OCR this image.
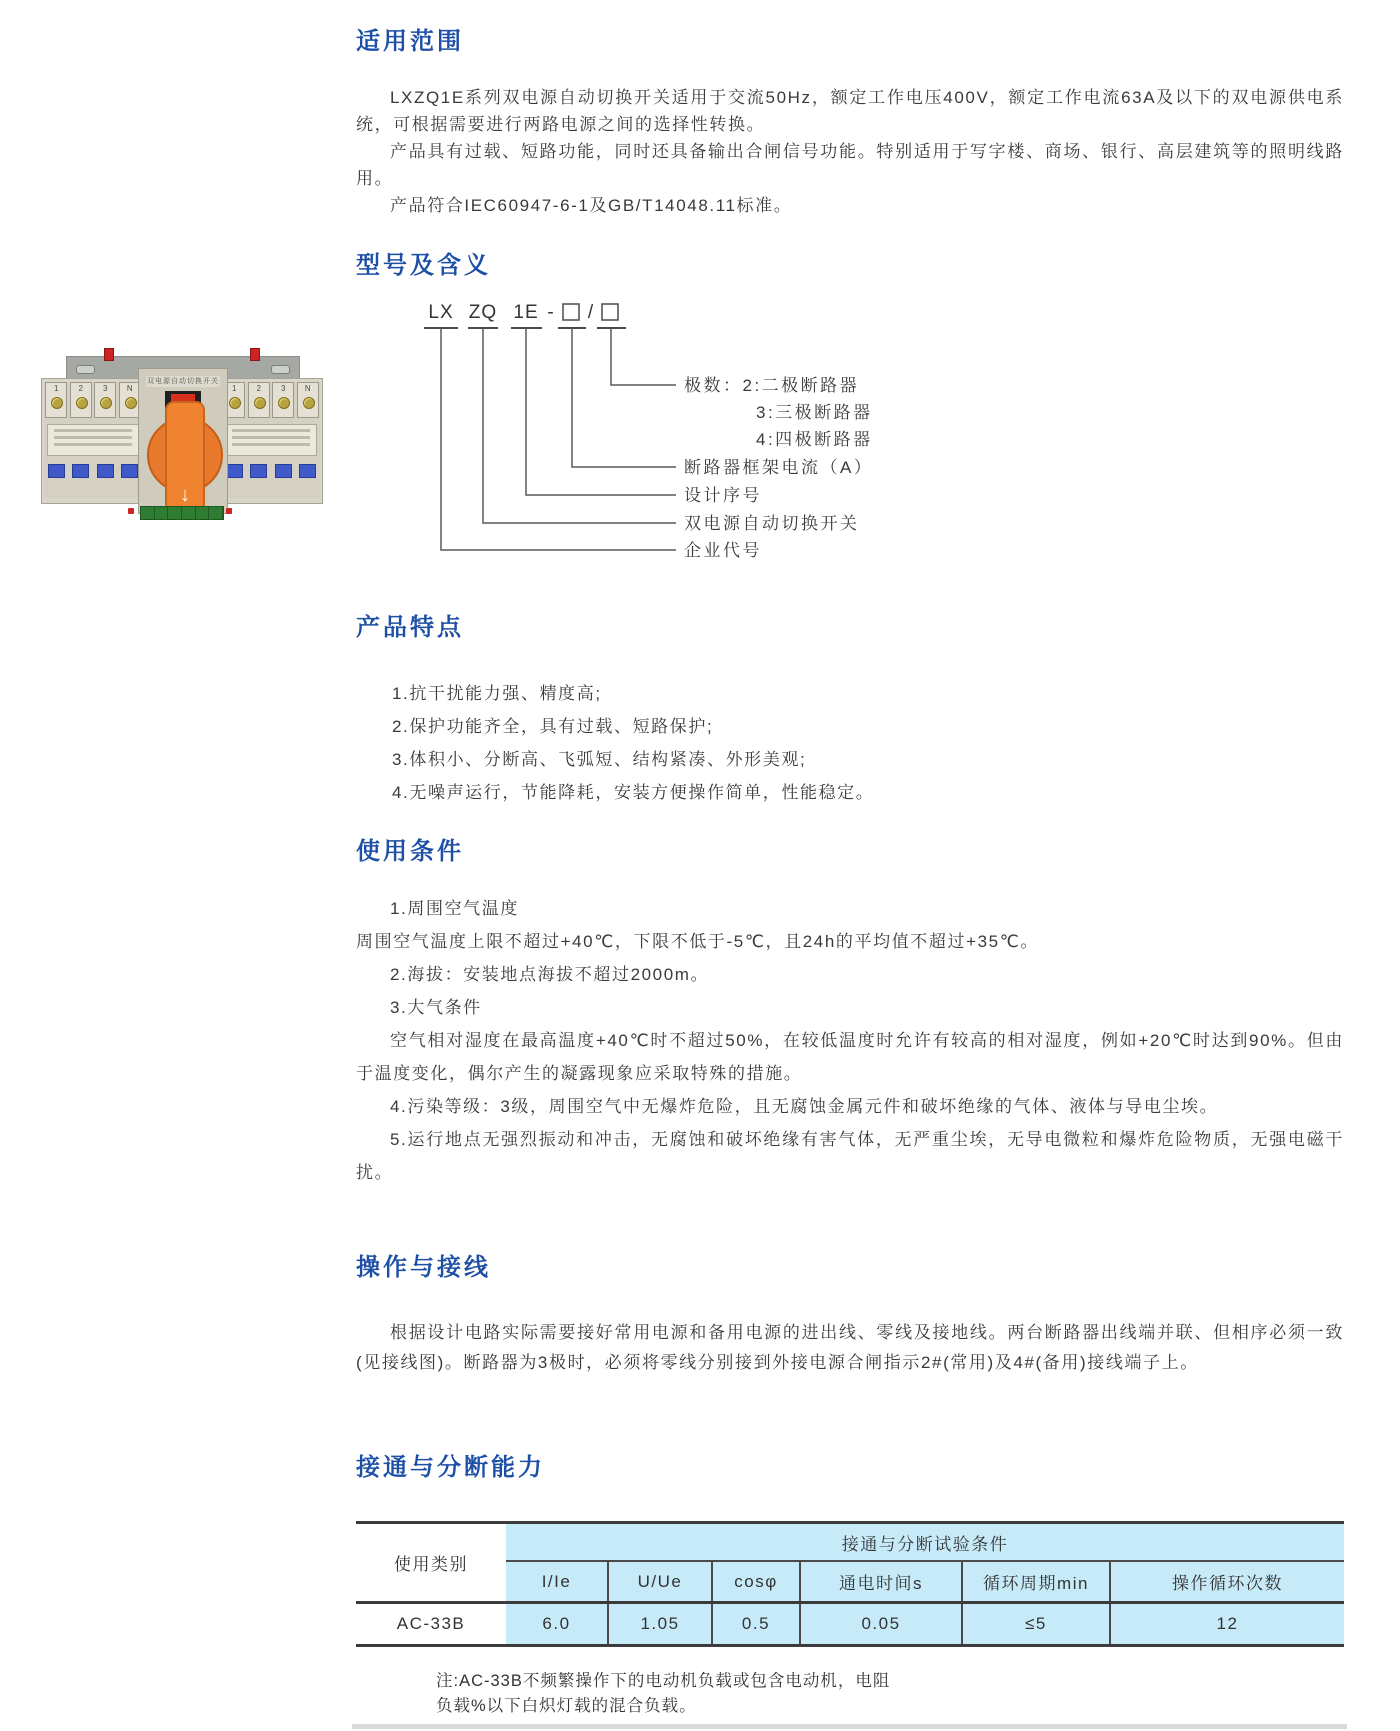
1	2	3	N	1	2	3	N
双电源自动切换开关
↓
适用范围

LXZQ1E系列双电源自动切换开关适用于交流50Hz，额定工作电压400V，额定工作电流63A及以下的双电源供电系统，可根据需要进行两路电源之间的选择性转换。

产品具有过载、短路功能，同时还具备输出合闸信号功能。特别适用于写字楼、商场、银行、高层建筑等的照明线路用。

产品符合IEC60947-6-1及GB/T14048.11标准。

型号及含义
LX ZQ 1E - /
极数：2:二极断路器
3:三极断路器
4:四极断路器
断路器框架电流（A）
设计序号
双电源自动切换开关
企业代号
产品特点

1.抗干扰能力强、精度高;

2.保护功能齐全，具有过载、短路保护;

3.体积小、分断高、飞弧短、结构紧凑、外形美观;

4.无噪声运行，节能降耗，安装方便操作简单，性能稳定。

使用条件

1.周围空气温度

周围空气温度上限不超过+40℃，下限不低于-5℃，且24h的平均值不超过+35℃。

2.海拔：安装地点海拔不超过2000m。

3.大气条件

空气相对湿度在最高温度+40℃时不超过50%，在较低温度时允许有较高的相对湿度，例如+20℃时达到90%。但由于温度变化，偶尔产生的凝露现象应采取特殊的措施。

4.污染等级：3级，周围空气中无爆炸危险，且无腐蚀金属元件和破坏绝缘的气体、液体与导电尘埃。

5.运行地点无强烈振动和冲击，无腐蚀和破坏绝缘有害气体，无严重尘埃，无导电微粒和爆炸危险物质，无强电磁干扰。

操作与接线

根据设计电路实际需要接好常用电源和备用电源的进出线、零线及接地线。两台断路器出线端并联、但相序必须一致(见接线图)。断路器为3极时，必须将零线分别接到外接电源合闸指示2#(常用)及4#(备用)接线端子上。

接通与分断能力
使用类别	接通与分断试验条件					
	I/Ie	U/Ue	cosφ	通电时间s	循环周期min	操作循环次数
AC-33B	6.0	1.05	0.5	0.05	≤5	12

注:AC-33B不频繁操作下的电动机负载或包含电动机，电阻

负载%以下白炽灯载的混合负载。
